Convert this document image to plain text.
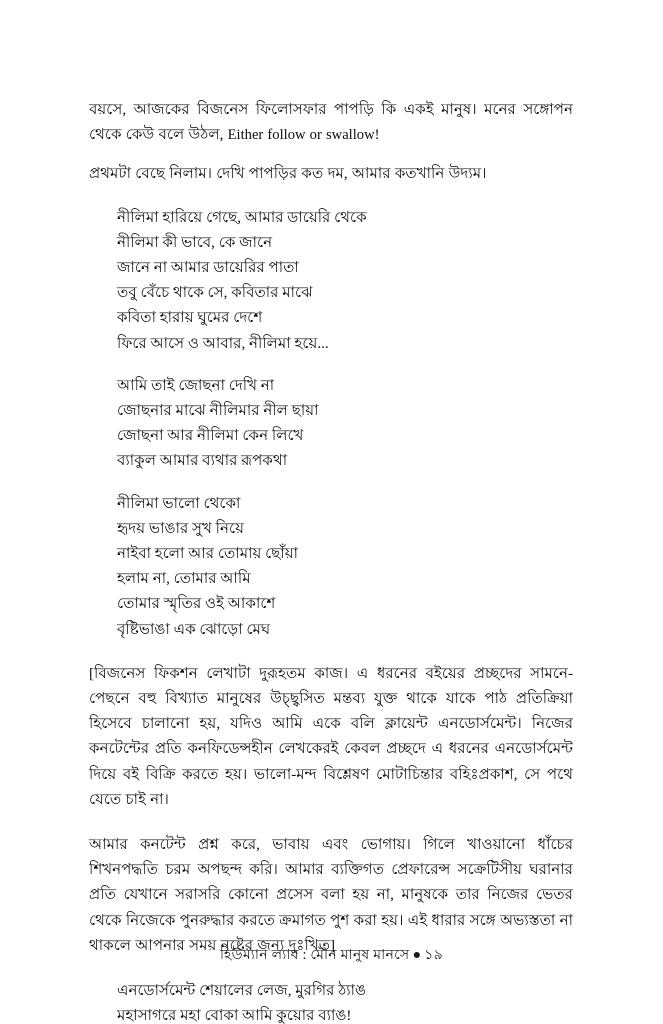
বয়সে, আজকের বিজনেস ফিলোসফার পাপড়ি কি একই মানুষ। মনের সঙ্গোপন থেকে কেউ বলে উঠল, Either follow or swallow!

প্রথমটা বেছে নিলাম। দেখি পাপড়ির কত দম, আমার কতখানি উদ্যম।

নীলিমা হারিয়ে গেছে, আমার ডায়েরি থেকে
নীলিমা কী ভাবে, কে জানে
জানে না আমার ডায়েরির পাতা
তবু বেঁচে থাকে সে, কবিতার মাঝে
কবিতা হারায় ঘুমের দেশে
ফিরে আসে ও আবার, নীলিমা হয়ে...
আমি তাই জোছনা দেখি না
জোছনার মাঝে নীলিমার নীল ছায়া
জোছনা আর নীলিমা কেন লিখে
ব্যাকুল আমার ব্যথার রূপকথা
নীলিমা ভালো থেকো
হৃদয় ভাঙার সুখ নিয়ে
নাইবা হলো আর তোমায় ছোঁয়া
হলাম না, তোমার আমি
তোমার স্মৃতির ওই আকাশে
বৃষ্টিভাঙা এক ঝোড়ো মেঘ

[বিজনেস ফিকশন লেখাটা দুরূহতম কাজ। এ ধরনের বইয়ের প্রচ্ছদের সামনে-পেছনে বহু বিখ্যাত মানুষের উচ্ছ্বসিত মন্তব্য যুক্ত থাকে যাকে পাঠ প্রতিক্রিয়া হিসেবে চালানো হয়, যদিও আমি একে বলি ক্লায়েন্ট এনডোর্সমেন্ট। নিজের কনটেন্টের প্রতি কনফিডেন্সহীন লেখকেরই কেবল প্রচ্ছদে এ ধরনের এনডোর্সমেন্ট দিয়ে বই বিক্রি করতে হয়। ভালো-মন্দ বিশ্লেষণ মোটাচিন্তার বহিঃপ্রকাশ, সে পথে যেতে চাই না।

আমার কনটেন্ট প্রশ্ন করে, ভাবায় এবং ভোগায়। গিলে খাওয়ানো ধাঁচের শিখনপদ্ধতি চরম অপছন্দ করি। আমার ব্যক্তিগত প্রেফারেন্স সক্রেটিসীয় ঘরানার প্রতি যেখানে সরাসরি কোনো প্রসেস বলা হয় না, মানুষকে তার নিজের ভেতর থেকে নিজেকে পুনরুদ্ধার করতে ক্রমাগত পুশ করা হয়। এই ধারার সঙ্গে অভ্যস্ততা না থাকলে আপনার সময় নষ্টের জন্য দুঃখিত]

এনডোর্সমেন্ট শেয়ালের লেজ, মুরগির ঠ্যাঙ
মহাসাগরে মহা বোকা আমি কুয়োর ব্যাঙ!
হিউম্যান ল্যাব : মৌন মানুষ মানসে ● ১৯
